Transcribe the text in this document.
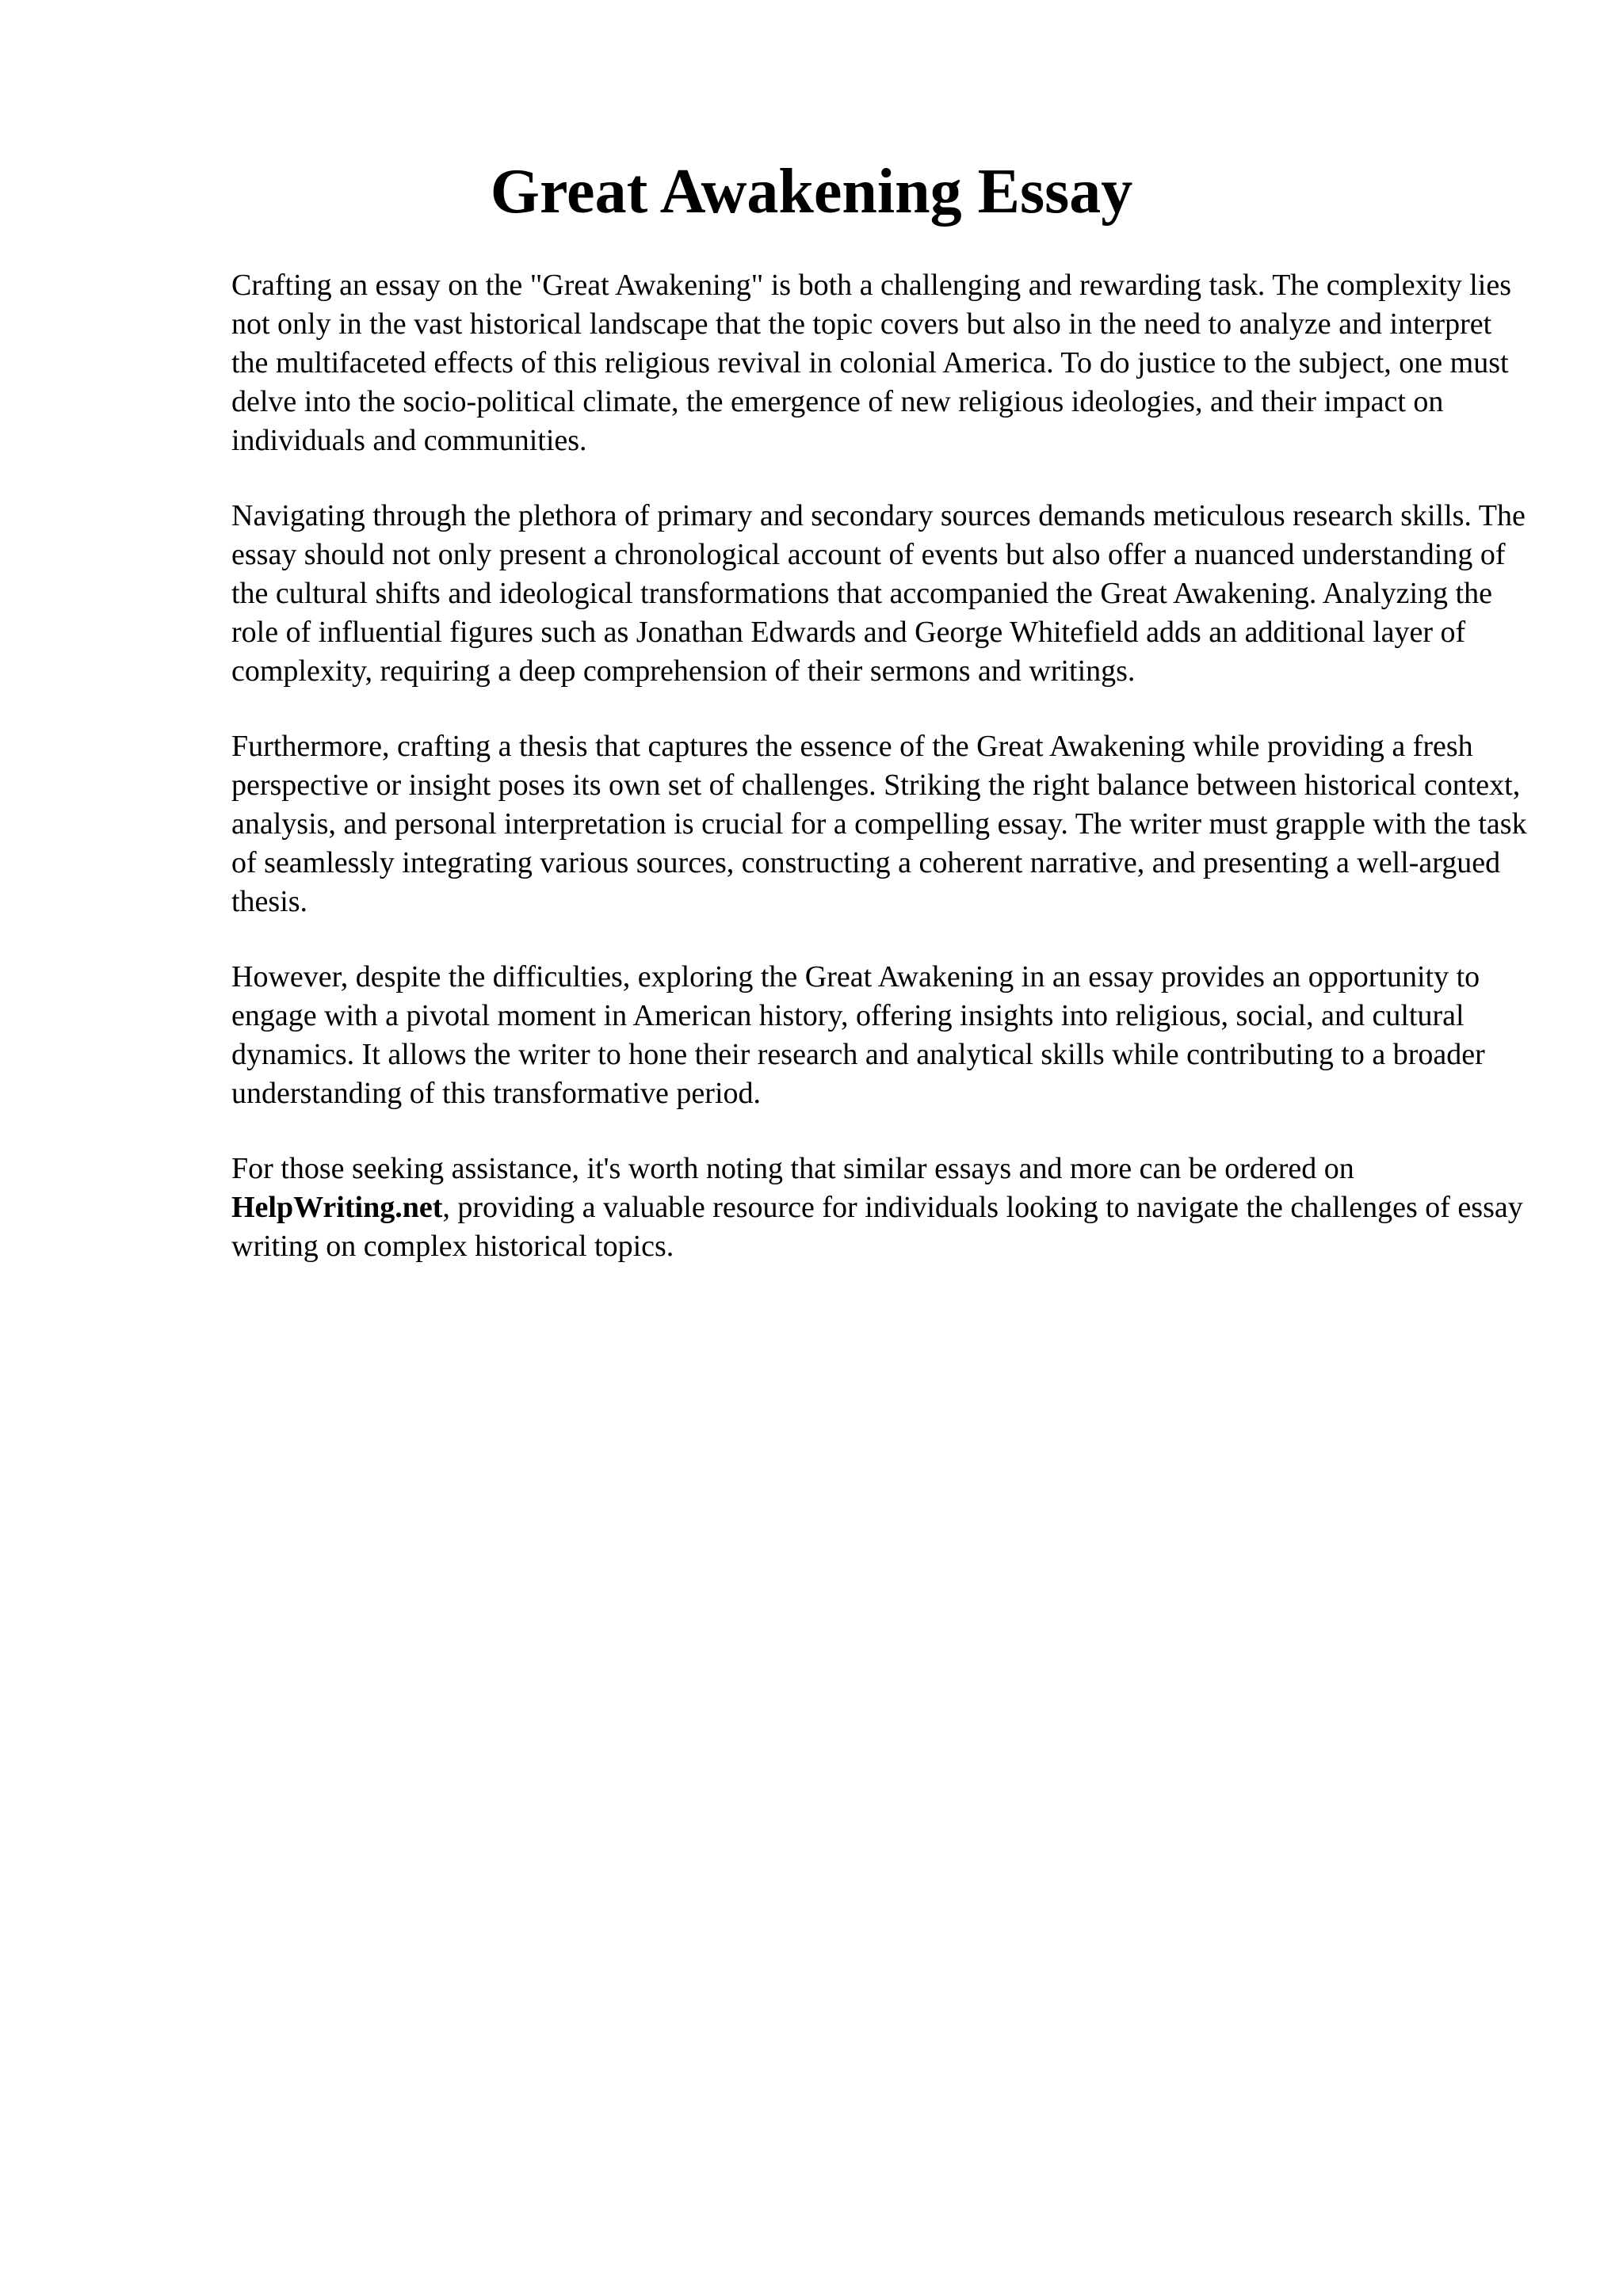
Great Awakening Essay

Crafting an essay on the "Great Awakening" is both a challenging and rewarding task. The complexity lies not only in the vast historical landscape that the topic covers but also in the need to analyze and interpret the multifaceted effects of this religious revival in colonial America. To do justice to the subject, one must delve into the socio-political climate, the emergence of new religious ideologies, and their impact on individuals and communities.

Navigating through the plethora of primary and secondary sources demands meticulous research skills. The essay should not only present a chronological account of events but also offer a nuanced understanding of the cultural shifts and ideological transformations that accompanied the Great Awakening. Analyzing the role of influential figures such as Jonathan Edwards and George Whitefield adds an additional layer of complexity, requiring a deep comprehension of their sermons and writings.

Furthermore, crafting a thesis that captures the essence of the Great Awakening while providing a fresh perspective or insight poses its own set of challenges. Striking the right balance between historical context, analysis, and personal interpretation is crucial for a compelling essay. The writer must grapple with the task of seamlessly integrating various sources, constructing a coherent narrative, and presenting a well-argued thesis.

However, despite the difficulties, exploring the Great Awakening in an essay provides an opportunity to engage with a pivotal moment in American history, offering insights into religious, social, and cultural dynamics. It allows the writer to hone their research and analytical skills while contributing to a broader understanding of this transformative period.

For those seeking assistance, it's worth noting that similar essays and more can be ordered on HelpWriting.net, providing a valuable resource for individuals looking to navigate the challenges of essay writing on complex historical topics.
